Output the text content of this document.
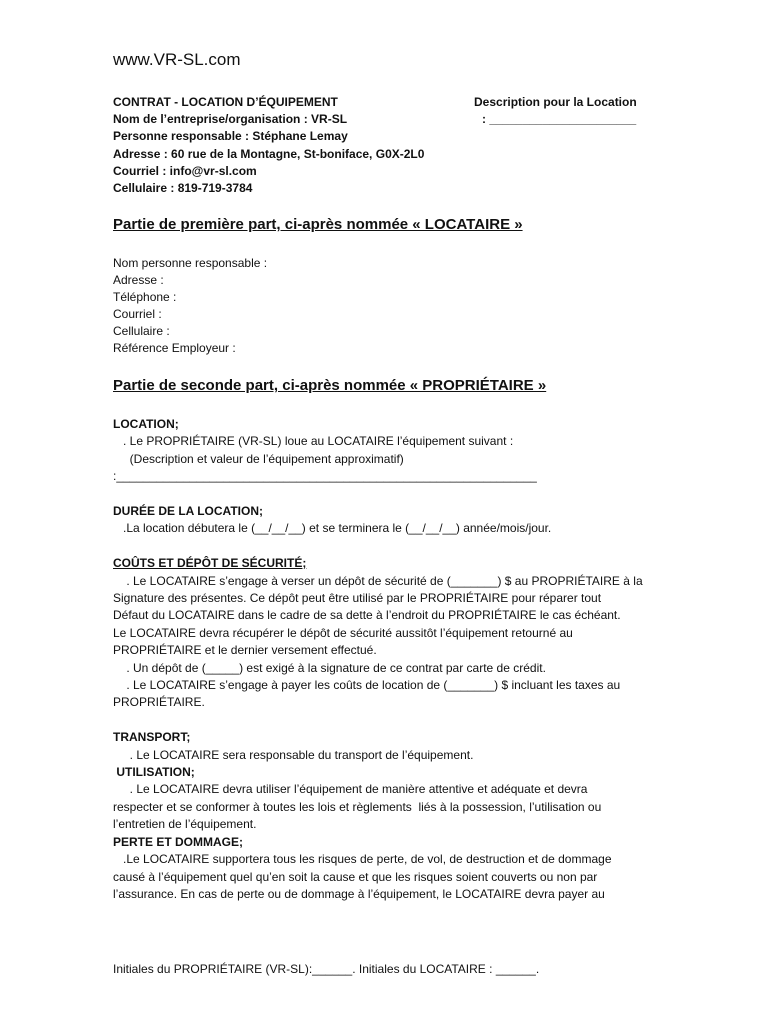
www.VR-SL.com
CONTRAT - LOCATION D’ÉQUIPEMENT
Nom de l’entreprise/organisation : VR-SL
Personne responsable : Stéphane Lemay
Adresse : 60 rue de la Montagne, St-boniface, G0X-2L0
Courriel : info@vr-sl.com
Cellulaire : 819-719-3784
Description pour la Location
: ______________________
Partie de première part, ci-après nommée « LOCATAIRE »
Nom personne responsable :
Adresse :
Téléphone :
Courriel :
Cellulaire :
Référence Employeur :
Partie de seconde part, ci-après nommée « PROPRIÉTAIRE »

LOCATION;

. Le PROPRIÉTAIRE (VR-SL) loue au LOCATAIRE l’équipement suivant :

(Description et valeur de l’équipement approximatif)

:_______________________________________________________________

DURÉE DE LA LOCATION;

.La location débutera le (__/__/__) et se terminera le (__/__/__) année/mois/jour.

COÛTS ET DÉPÔT DE SÉCURITÉ;

. Le LOCATAIRE s’engage à verser un dépôt de sécurité de (_______) $ au PROPRIÉTAIRE à la

Signature des présentes. Ce dépôt peut être utilisé par le PROPRIÉTAIRE pour réparer tout

Défaut du LOCATAIRE dans le cadre de sa dette à l’endroit du PROPRIÉTAIRE le cas échéant.

Le LOCATAIRE devra récupérer le dépôt de sécurité aussitôt l’équipement retourné au

PROPRIÉTAIRE et le dernier versement effectué.

. Un dépôt de (_____) est exigé à la signature de ce contrat par carte de crédit.

. Le LOCATAIRE s’engage à payer les coûts de location de (_______) $ incluant les taxes au

PROPRIÉTAIRE.

TRANSPORT;

. Le LOCATAIRE sera responsable du transport de l’équipement.

UTILISATION;

. Le LOCATAIRE devra utiliser l’équipement de manière attentive et adéquate et devra

respecter et se conformer à toutes les lois et règlements  liés à la possession, l’utilisation ou

l’entretien de l’équipement.

PERTE ET DOMMAGE;

.Le LOCATAIRE supportera tous les risques de perte, de vol, de destruction et de dommage

causé à l’équipement quel qu’en soit la cause et que les risques soient couverts ou non par

l’assurance. En cas de perte ou de dommage à l’équipement, le LOCATAIRE devra payer au

Initiales du PROPRIÉTAIRE (VR-SL):______. Initiales du LOCATAIRE : ______.
